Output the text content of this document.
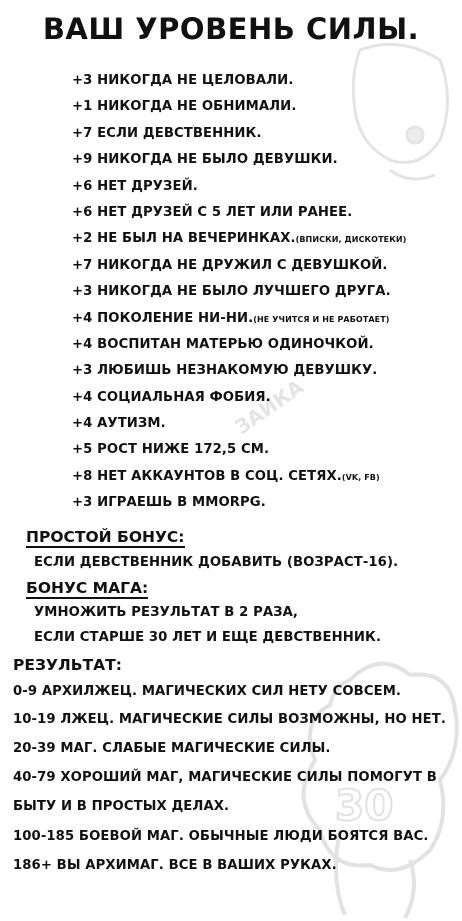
ВАШ УРОВЕНЬ СИЛЫ.
30
ЗАЙКА
+3 НИКОГДА НЕ ЦЕЛОВАЛИ.
+1 НИКОГДА НЕ ОБНИМАЛИ.
+7 ЕСЛИ ДЕВСТВЕННИК.
+9 НИКОГДА НЕ БЫЛО ДЕВУШКИ.
+6 НЕТ ДРУЗЕЙ.
+6 НЕТ ДРУЗЕЙ С 5 ЛЕТ ИЛИ РАНЕЕ.
+2 НЕ БЫЛ НА ВЕЧЕРИНКАХ.(ВПИСКИ, ДИСКОТЕКИ)
+7 НИКОГДА НЕ ДРУЖИЛ С ДЕВУШКОЙ.
+3 НИКОГДА НЕ БЫЛО ЛУЧШЕГО ДРУГА.
+4 ПОКОЛЕНИЕ НИ-НИ.(НЕ УЧИТСЯ И НЕ РАБОТАЕТ)
+4 ВОСПИТАН МАТЕРЬЮ ОДИНОЧКОЙ.
+3 ЛЮБИШЬ НЕЗНАКОМУЮ ДЕВУШКУ.
+4 СОЦИАЛЬНАЯ ФОБИЯ.
+4 АУТИЗМ.
+5 РОСТ НИЖЕ 172,5 СМ.
+8 НЕТ АККАУНТОВ В СОЦ. СЕТЯХ.(VK, FB)
+3 ИГРАЕШЬ В MMORPG.
ПРОСТОЙ БОНУС:
ЕСЛИ ДЕВСТВЕННИК ДОБАВИТЬ (ВОЗРАСТ-16).
БОНУС МАГА:
УМНОЖИТЬ РЕЗУЛЬТАТ В 2 РАЗА,
ЕСЛИ СТАРШЕ 30 ЛЕТ И ЕЩЕ ДЕВСТВЕННИК.
РЕЗУЛЬТАТ:
0-9 АРХИЛЖЕЦ. МАГИЧЕСКИХ СИЛ НЕТУ СОВСЕМ.
10-19 ЛЖЕЦ. МАГИЧЕСКИЕ СИЛЫ ВОЗМОЖНЫ, НО НЕТ.
20-39 МАГ. СЛАБЫЕ МАГИЧЕСКИЕ СИЛЫ.
40-79 ХОРОШИЙ МАГ, МАГИЧЕСКИЕ СИЛЫ ПОМОГУТ В
БЫТУ И В ПРОСТЫХ ДЕЛАХ.
100-185 БОЕВОЙ МАГ. ОБЫЧНЫЕ ЛЮДИ БОЯТСЯ ВАС.
186+ ВЫ АРХИМАГ. ВСЕ В ВАШИХ РУКАХ.
